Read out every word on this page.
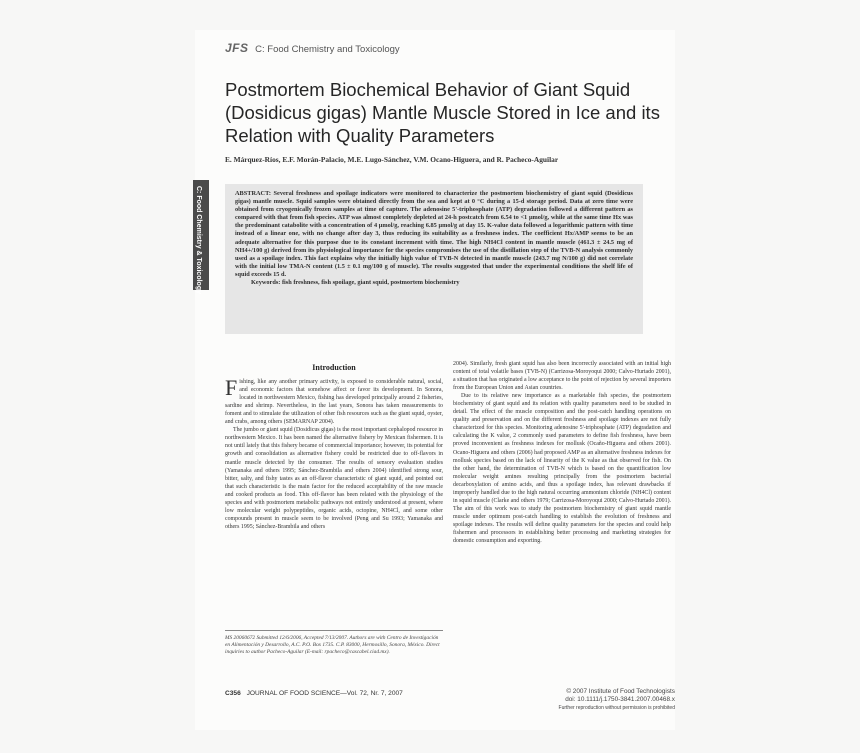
JFS C: Food Chemistry and Toxicology
Postmortem Biochemical Behavior of Giant Squid (Dosidicus gigas) Mantle Muscle Stored in Ice and its Relation with Quality Parameters
E. Márquez-Ríos, E.F. Morán-Palacio, M.E. Lugo-Sánchez, V.M. Ocano-Higuera, and R. Pacheco-Aguilar
C: Food Chemistry & Toxicology	ABSTRACT: Several freshness and spoilage indicators were monitored to characterize the postmortem biochemistry of giant squid (Dosidicus gigas) mantle muscle. Squid samples were obtained directly from the sea and kept at 0 °C during a 15-d storage period. Data at zero time were obtained from cryogenically frozen samples at time of capture. The adenosine 5'-triphosphate (ATP) degradation followed a different pattern as compared with that from fish species. ATP was almost completely depleted at 24-h postcatch from 6.54 to <1 μmol/g, while at the same time Hx was the predominant catabolite with a concentration of 4 μmol/g, reaching 6.85 μmol/g at day 15. K-value data followed a logarithmic pattern with time instead of a linear one, with no change after day 3, thus reducing its suitability as a freshness index. The coefficient Hx/AMP seems to be an adequate alternative for this purpose due to its constant increment with time. The high NH4Cl content in mantle muscle (461.3 ± 24.5 mg of NH4+/100 g) derived from its physiological importance for the species compromises the use of the distillation step of the TVB-N analysis commonly used as a spoilage index. This fact explains why the initially high value of TVB-N detected in mantle muscle (243.7 mg N/100 g) did not correlate with the initial low TMA-N content (1.5 ± 0.1 mg/100 g of muscle). The results suggested that under the experimental conditions the shelf life of squid exceeds 15 d.
Keywords: fish freshness, fish spoilage, giant squid, postmortem biochemistry
Introduction

Fishing, like any another primary activity, is exposed to considerable natural, social, and economic factors that somehow affect or favor its development. In Sonora, located in northwestern Mexico, fishing has developed principally around 2 fisheries, sardine and shrimp. Nevertheless, in the last years, Sonora has taken measurements to foment and to stimulate the utilization of other fish resources such as the giant squid, oyster, and crabs, among others (SEMARNAP 2004).

The jumbo or giant squid (Dosidicus gigas) is the most important cephalopod resource in northwestern Mexico. It has been named the alternative fishery by Mexican fishermen. It is not until lately that this fishery became of commercial importance; however, its potential for growth and consolidation as alternative fishery could be restricted due to off-flavors in mantle muscle detected by the consumer. The results of sensory evaluation studies (Yamanaka and others 1995; Sánchez-Brambila and others 2004) identified strong sour, bitter, salty, and fishy tastes as an off-flavor characteristic of giant squid, and pointed out that such characteristic is the main factor for the reduced acceptability of the raw muscle and cooked products as food. This off-flavor has been related with the physiology of the species and with postmortem metabolic pathways not entirely understood at present, where low molecular weight polypeptides, organic acids, octopine, NH4Cl, and some other compounds present in muscle seem to be involved (Peng and Su 1993; Yamanaka and others 1995; Sánchez-Brambila and others

2004). Similarly, fresh giant squid has also been incorrectly associated with an initial high content of total volatile bases (TVB-N) (Carrizosa-Moroyoqui 2000; Calvo-Hurtado 2001), a situation that has originated a low acceptance to the point of rejection by several importers from the European Union and Asian countries.

Due to its relative new importance as a marketable fish species, the postmortem biochemistry of giant squid and its relation with quality parameters need to be studied in detail. The effect of the muscle composition and the post-catch handling operations on quality and preservation and on the different freshness and spoilage indexes are not fully characterized for this species. Monitoring adenosine 5'-triphosphate (ATP) degradation and calculating the K value, 2 commonly used parameters to define fish freshness, have been proved inconvenient as freshness indexes for mollusk (Ocaño-Higuera and others 2001). Ocano-Higuera and others (2006) had proposed AMP as an alternative freshness indexes for mollusk species based on the lack of linearity of the K value as that observed for fish. On the other hand, the determination of TVB-N which is based on the quantification low molecular weight amines resulting principally from the postmortem bacterial decarboxylation of amino acids, and thus a spoilage index, has relevant drawbacks if improperly handled due to the high natural occurring ammonium chloride (NH4Cl) content in squid muscle (Clarke and others 1979; Carrizosa-Moroyoqui 2000; Calvo-Hurtado 2001). The aim of this work was to study the postmortem biochemistry of giant squid mantle muscle under optimum post-catch handling to establish the evolution of freshness and spoilage indexes. The results will define quality parameters for the species and could help fishermen and processors in establishing better processing and marketing strategies for domestic consumption and exporting.

MS 20060672 Submitted 12/6/2006, Accepted 7/13/2007. Authors are with Centro de Investigación en Alimentación y Desarrollo, A.C. P.O. Box 1735. C.P. 83000, Hermosillo, Sonora, México. Direct inquiries to author Pacheco-Aguilar (E-mail: rpacheco@cascabel.ciad.mx).
C356 JOURNAL OF FOOD SCIENCE—Vol. 72, Nr. 7, 2007	© 2007 Institute of Food Technologists
doi: 10.1111/j.1750-3841.2007.00468.x
Further reproduction without permission is prohibited
